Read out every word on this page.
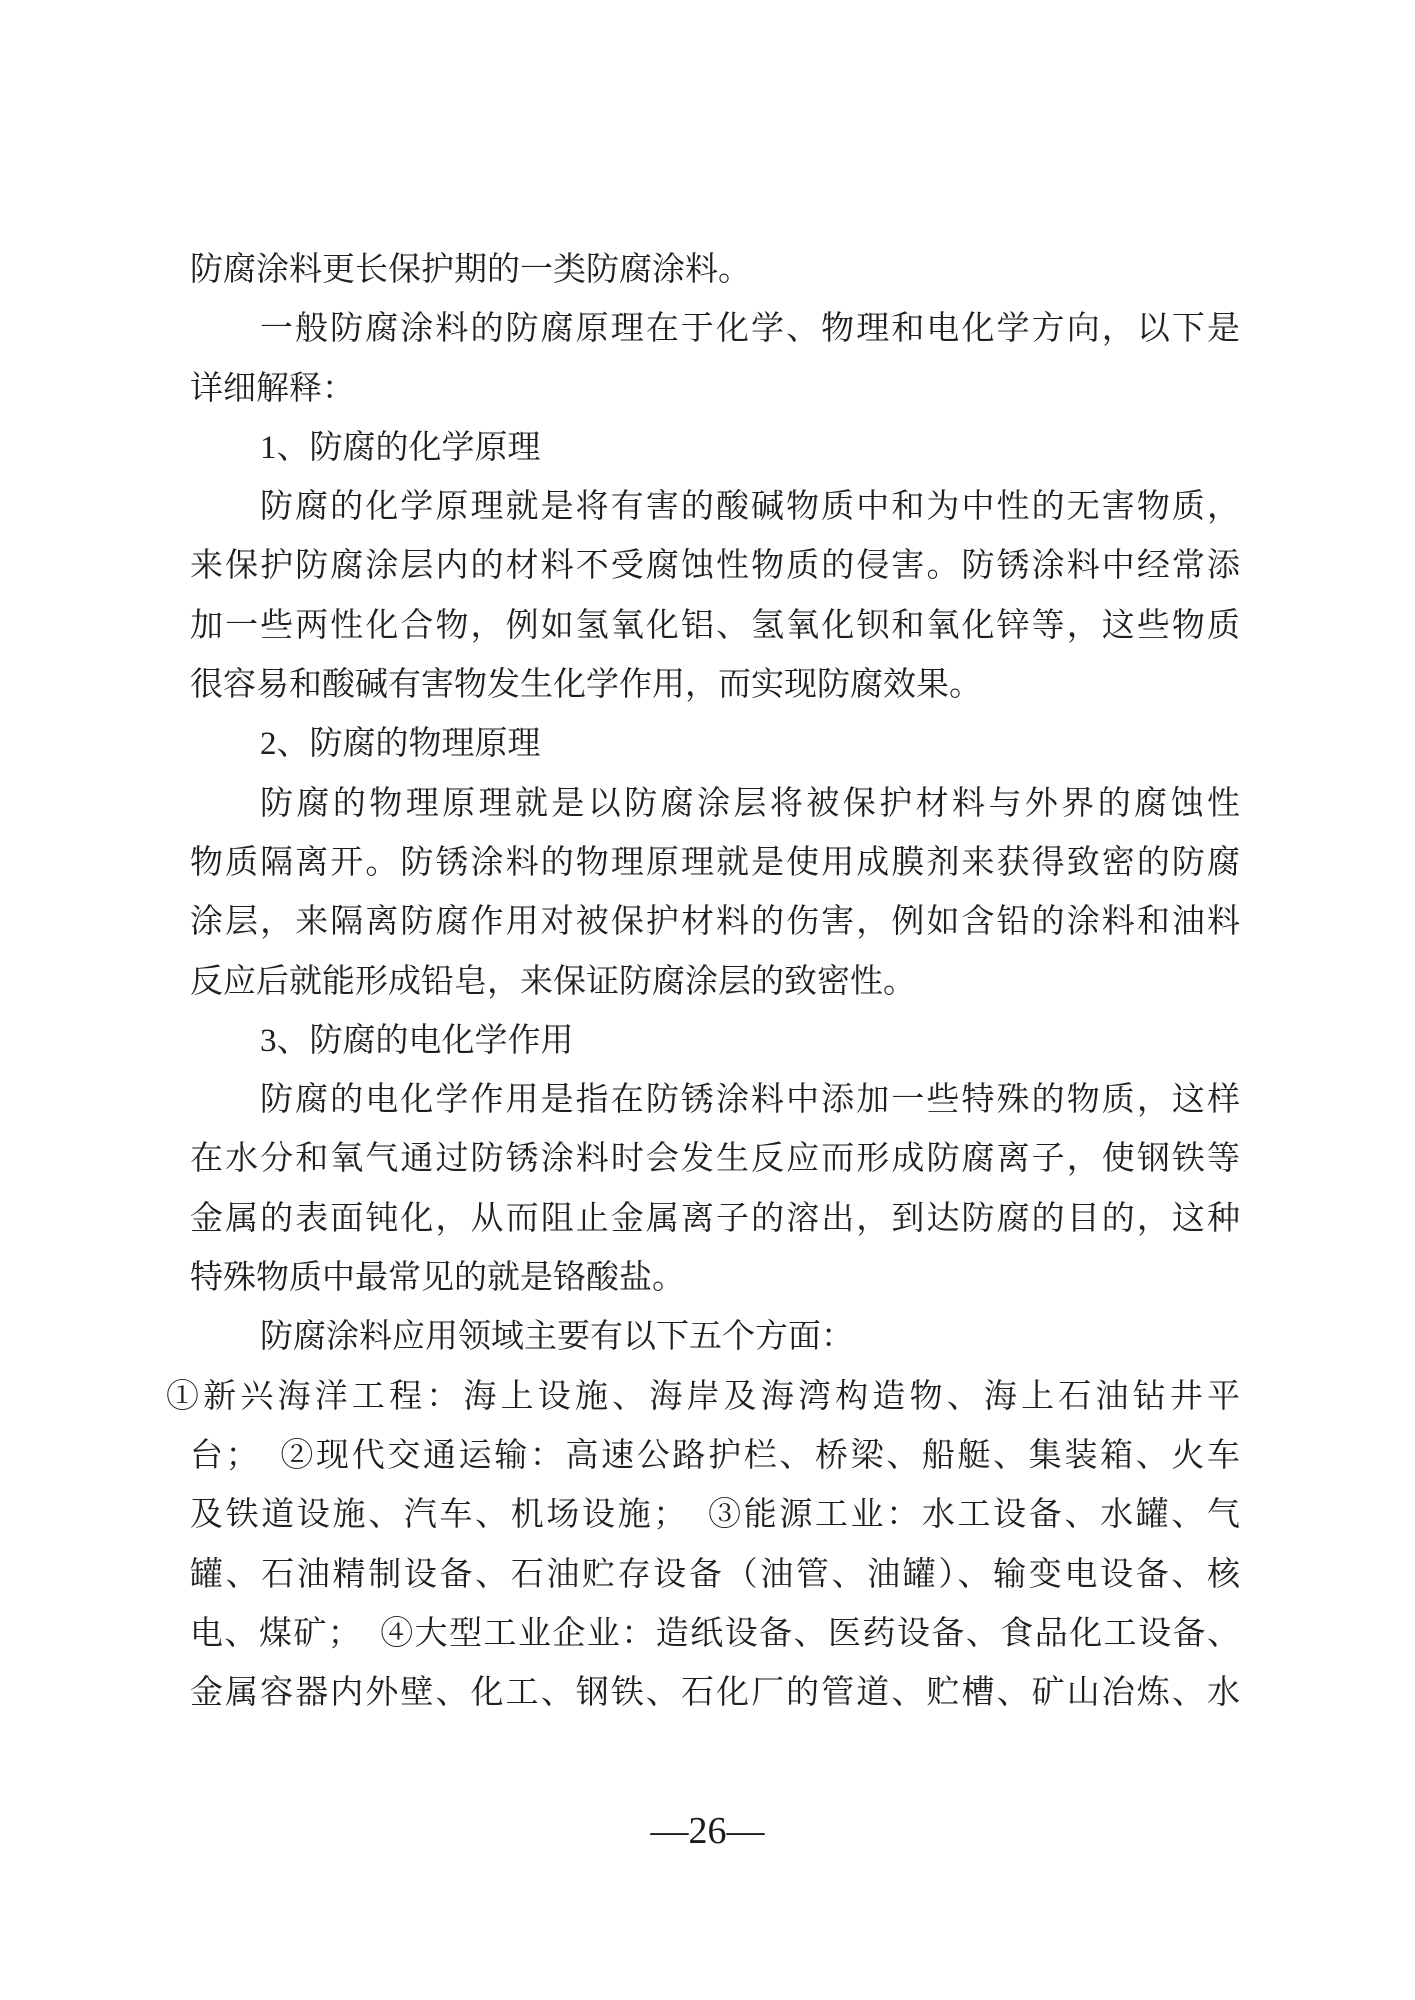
防腐涂料更长保护期的一类防腐涂料。
一般防腐涂料的防腐原理在于化学、物理和电化学方向，以下是
详细解释：
1、防腐的化学原理
防腐的化学原理就是将有害的酸碱物质中和为中性的无害物质，
来保护防腐涂层内的材料不受腐蚀性物质的侵害。防锈涂料中经常添
加一些两性化合物，例如氢氧化铝、氢氧化钡和氧化锌等，这些物质
很容易和酸碱有害物发生化学作用，而实现防腐效果。
2、防腐的物理原理
防腐的物理原理就是以防腐涂层将被保护材料与外界的腐蚀性
物质隔离开。防锈涂料的物理原理就是使用成膜剂来获得致密的防腐
涂层，来隔离防腐作用对被保护材料的伤害，例如含铅的涂料和油料
反应后就能形成铅皂，来保证防腐涂层的致密性。
3、防腐的电化学作用
防腐的电化学作用是指在防锈涂料中添加一些特殊的物质，这样
在水分和氧气通过防锈涂料时会发生反应而形成防腐离子，使钢铁等
金属的表面钝化，从而阻止金属离子的溶出，到达防腐的目的，这种
特殊物质中最常见的就是铬酸盐。
防腐涂料应用领域主要有以下五个方面：
①新兴海洋工程：海上设施、海岸及海湾构造物、海上石油钻井平
台；　②现代交通运输：高速公路护栏、桥梁、船艇、集装箱、火车
及铁道设施、汽车、机场设施；　③能源工业：水工设备、水罐、气
罐、石油精制设备、石油贮存设备（油管、油罐）、输变电设备、核
电、煤矿；　④大型工业企业：造纸设备、医药设备、食品化工设备、
金属容器内外壁、化工、钢铁、石化厂的管道、贮槽、矿山冶炼、水
—26—
